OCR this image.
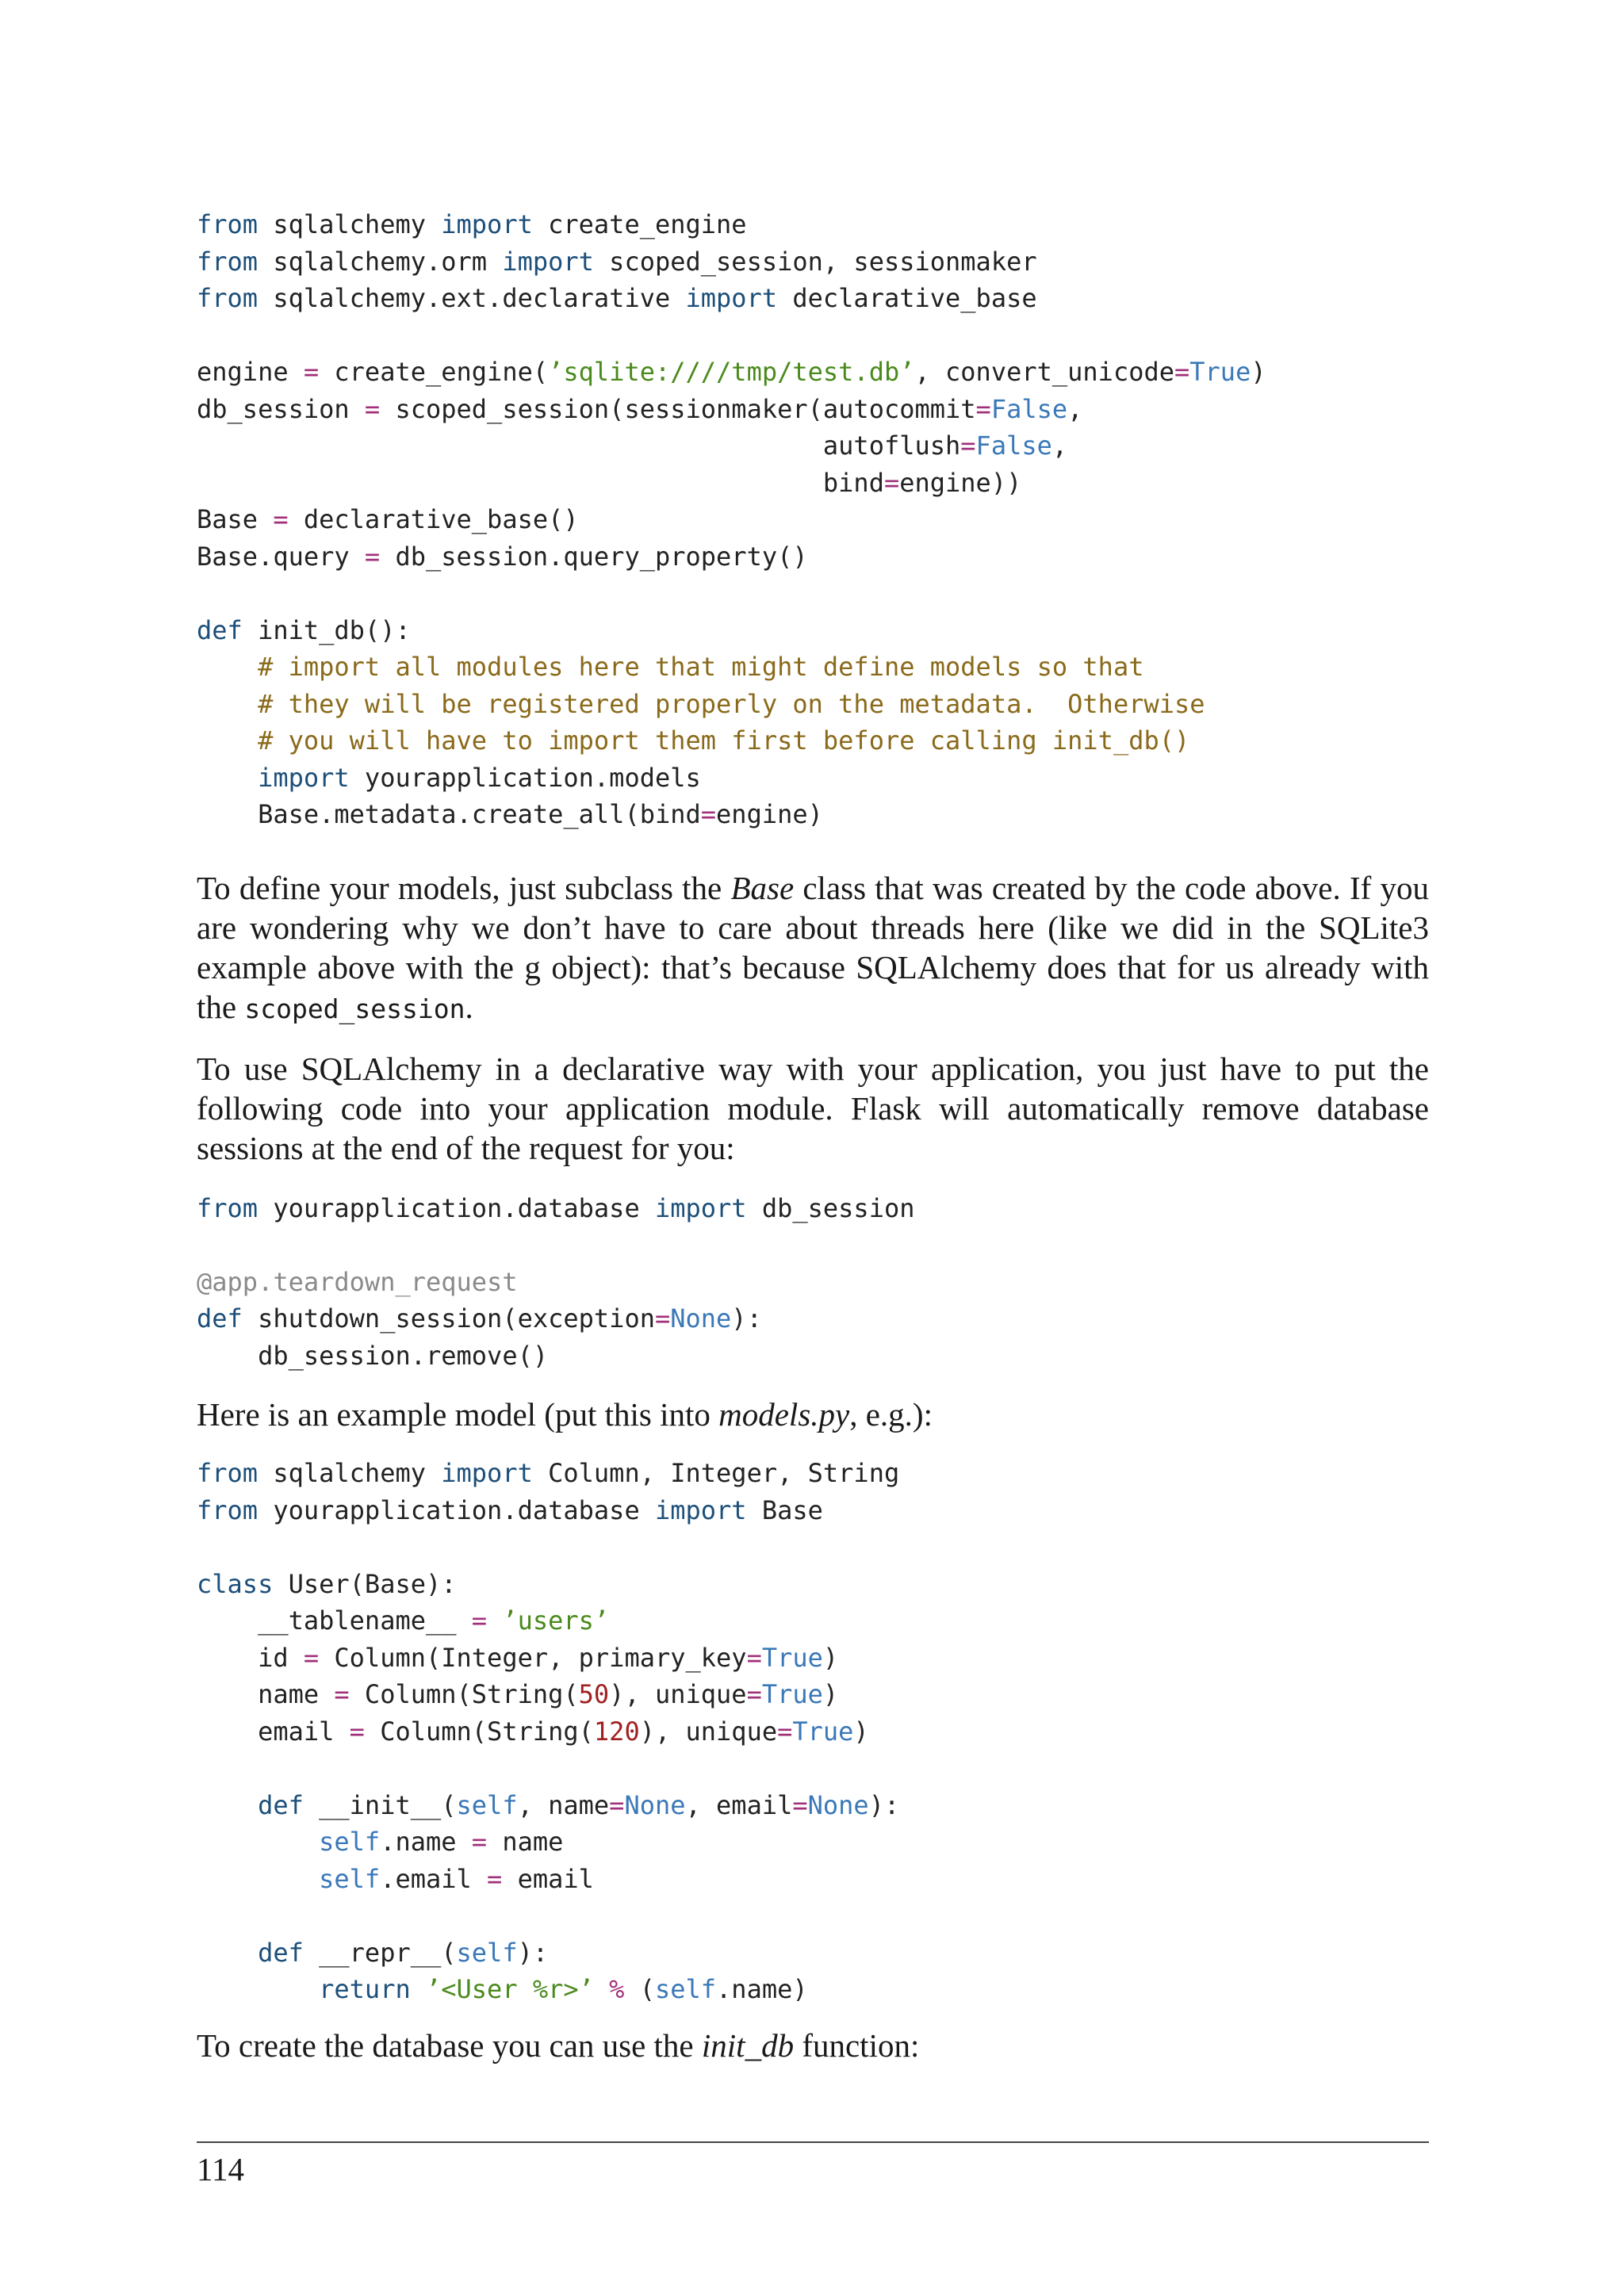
from sqlalchemy import create_engine
from sqlalchemy.orm import scoped_session, sessionmaker
from sqlalchemy.ext.declarative import declarative_base

engine = create_engine(’sqlite:////tmp/test.db’, convert_unicode=True)
db_session = scoped_session(sessionmaker(autocommit=False,
autoflush=False,
bind=engine))
Base = declarative_base()
Base.query = db_session.query_property()

def init_db():
# import all modules here that might define models so that
# they will be registered properly on the metadata.  Otherwise
# you will have to import them first before calling init_db()
import yourapplication.models
Base.metadata.create_all(bind=engine)

To define your models, just subclass the Base class that was created by the code above. If you are wondering why we don’t have to care about threads here (like we did in the SQLite3 example above with the g object): that’s because SQLAlchemy does that for us already with the scoped_session.

To use SQLAlchemy in a declarative way with your application, you just have to put the following code into your application module. Flask will automatically remove database sessions at the end of the request for you:

from yourapplication.database import db_session

@app.teardown_request
def shutdown_session(exception=None):
db_session.remove()

Here is an example model (put this into models.py, e.g.):

from sqlalchemy import Column, Integer, String
from yourapplication.database import Base

class User(Base):
__tablename__ = ’users’
id = Column(Integer, primary_key=True)
name = Column(String(50), unique=True)
email = Column(String(120), unique=True)

def __init__(self, name=None, email=None):
self.name = name
self.email = email

def __repr__(self):
return ’<User %r>’ % (self.name)

To create the database you can use the init_db function:

114
